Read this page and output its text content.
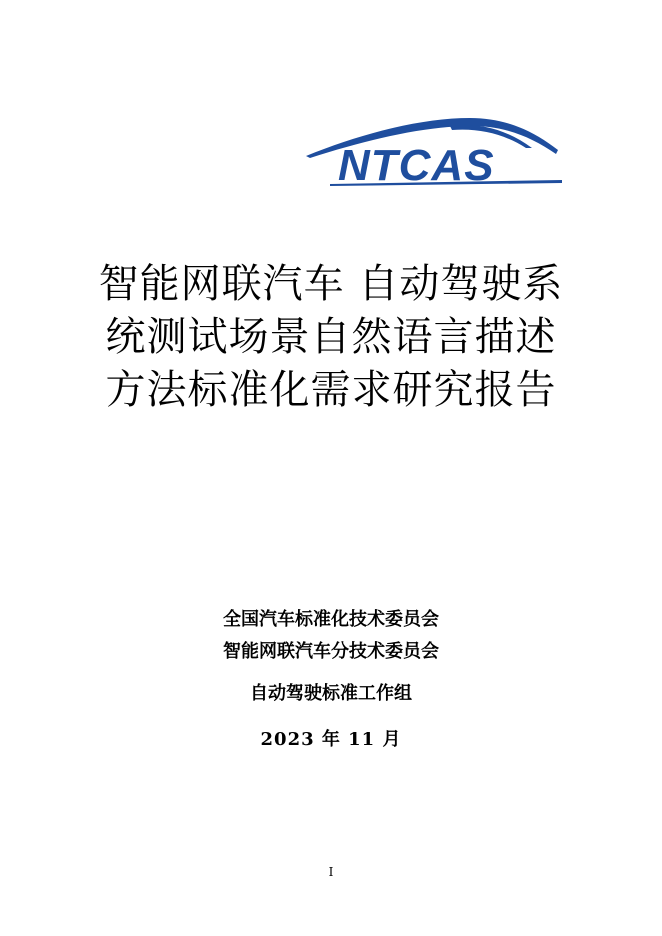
NTCAS
智能网联汽车 自动驾驶系
统测试场景自然语言描述
方法标准化需求研究报告
全国汽车标准化技术委员会
智能网联汽车分技术委员会
自动驾驶标准工作组
2023 年 11 月
I
